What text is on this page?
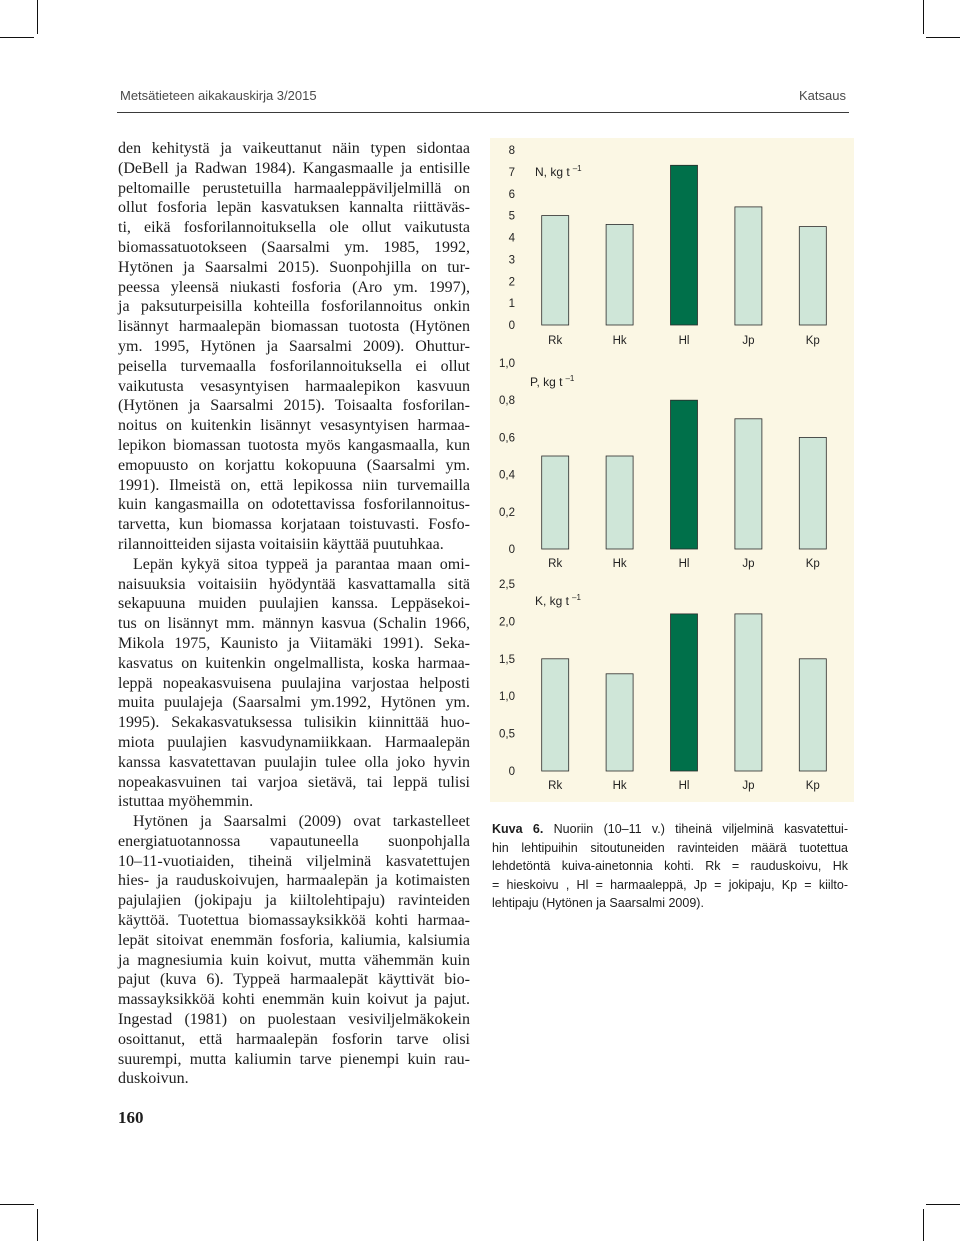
Metsätieteen aikakauskirja 3/2015	Katsaus
den kehitystä ja vaikeuttanut näin typen sidontaa
(DeBell ja Radwan 1984). Kangasmaalle ja entisille
peltomaille perustetuilla harmaaleppäviljelmillä on
ollut fosforia lepän kasvatuksen kannalta riittäväs-
ti, eikä fosforilannoituksella ole ollut vaikutusta
biomassatuotokseen (Saarsalmi ym. 1985, 1992,
Hytönen ja Saarsalmi 2015). Suonpohjilla on tur-
peessa yleensä niukasti fosforia (Aro ym. 1997),
ja paksuturpeisilla kohteilla fosforilannoitus onkin
lisännyt harmaalepän biomassan tuotosta (Hytönen
ym. 1995, Hytönen ja Saarsalmi 2009). Ohuttur-
peisella turvemaalla fosforilannoituksella ei ollut
vaikutusta vesasyntyisen harmaalepikon kasvuun
(Hytönen ja Saarsalmi 2015). Toisaalta fosforilan-
noitus on kuitenkin lisännyt vesasyntyisen harmaa-
lepikon biomassan tuotosta myös kangasmaalla, kun
emopuusto on korjattu kokopuuna (Saarsalmi ym.
1991). Ilmeistä on, että lepikossa niin turvemailla
kuin kangasmailla on odotettavissa fosforilannoitus-
tarvetta, kun biomassa korjataan toistuvasti. Fosfo-
rilannoitteiden sijasta voitaisiin käyttää puutuhkaa.
Lepän kykyä sitoa typpeä ja parantaa maan omi-
naisuuksia voitaisiin hyödyntää kasvattamalla sitä
sekapuuna muiden puulajien kanssa. Leppäsekoi-
tus on lisännyt mm. männyn kasvua (Schalin 1966,
Mikola 1975, Kaunisto ja Viitamäki 1991). Seka-
kasvatus on kuitenkin ongelmallista, koska harmaa-
leppä nopeakasvuisena puulajina varjostaa helposti
muita puulajeja (Saarsalmi ym.1992, Hytönen ym.
1995). Sekakasvatuksessa tulisikin kiinnittää huo-
miota puulajien kasvudynamiikkaan. Harmaalepän
kanssa kasvatettavan puulajin tulee olla joko hyvin
nopeakasvuinen tai varjoa sietävä, tai leppä tulisi
istuttaa myöhemmin.
Hytönen ja Saarsalmi (2009) ovat tarkastelleet
energiatuotannossa vapautuneella suonpohjalla
10–11-vuotiaiden, tiheinä viljelminä kasvatettujen
hies- ja rauduskoivujen, harmaalepän ja kotimaisten
pajulajien (jokipaju ja kiiltolehtipaju) ravinteiden
käyttöä. Tuotettua biomassayksikköä kohti harmaa-
lepät sitoivat enemmän fosforia, kaliumia, kalsiumia
ja magnesiumia kuin koivut, mutta vähemmän kuin
pajut (kuva 6). Typpeä harmaalepät käyttivät bio-
massayksikköä kohti enemmän kuin koivut ja pajut.
Ingestad (1981) on puolestaan vesiviljelmäkokein
osoittanut, että harmaalepän fosforin tarve olisi
suurempi, mutta kaliumin tarve pienempi kuin rau-
duskoivun.
N, kg t $^{-1}$
0
1
2
3
4
5
6
7
8
Rk	Hk	Hl	Jp	Kp
P, kg t $^{-1}$
0
0,2
0,4
0,6
0,8
1,0
Rk	Hk	Hl	Jp	Kp
K, kg t $^{-1}$
0
0,5
1,0
1,5
2,0
2,5
Rk	Hk	Hl	Jp	Kp
Kuva 6. Nuoriin (10–11 v.) tiheinä viljelminä kasvatettui-
hin lehtipuihin sitoutuneiden ravinteiden määrä tuotettua
lehdetöntä kuiva-ainetonnia kohti. Rk = rauduskoivu, Hk
= hieskoivu , Hl = harmaaleppä, Jp = jokipaju, Kp = kiilto-
lehtipaju (Hytönen ja Saarsalmi 2009).
160
